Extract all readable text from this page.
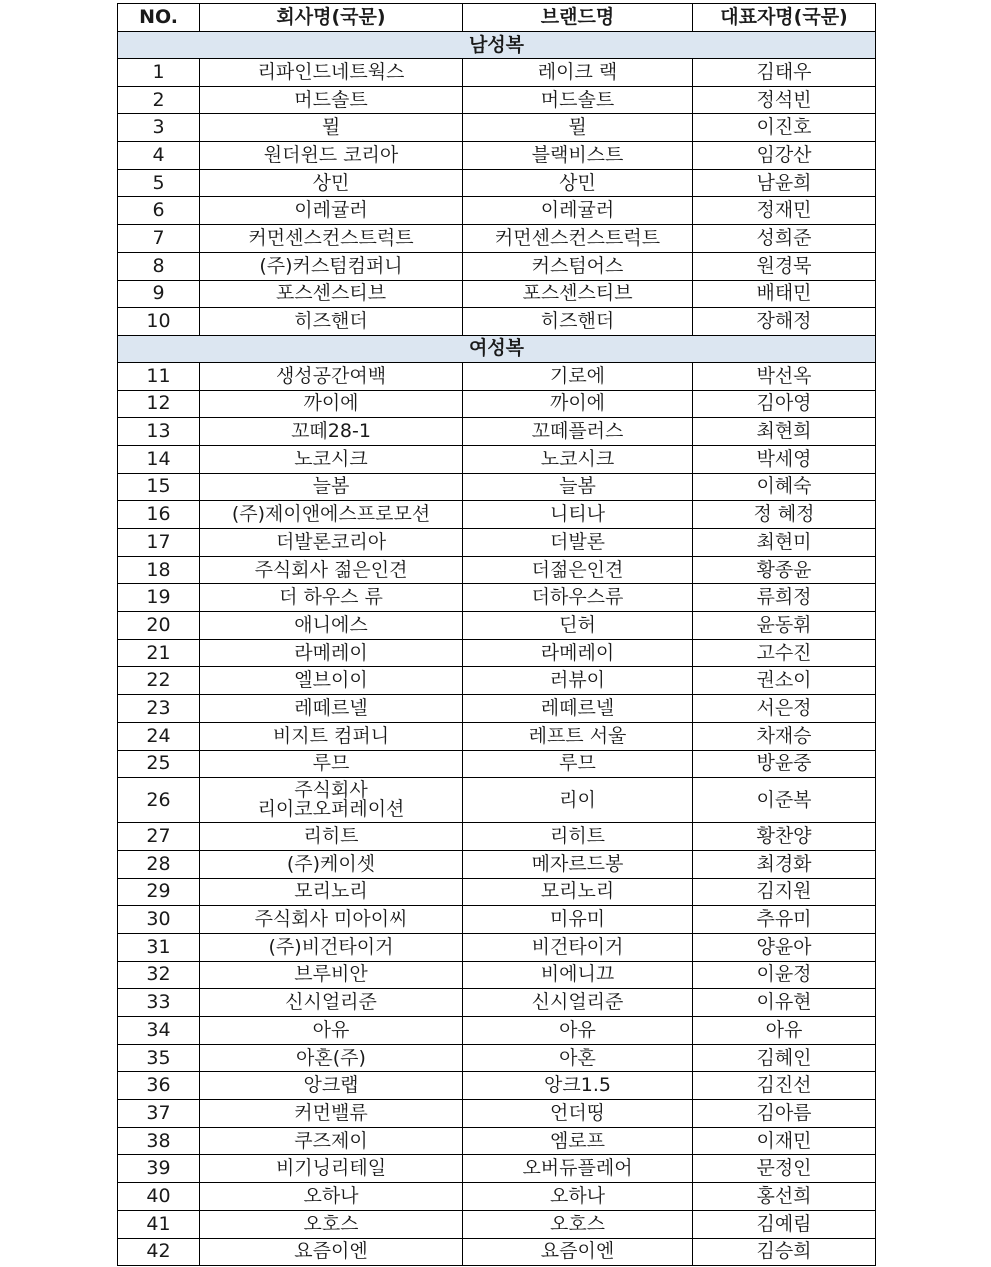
NO.	회사명(국문)	브랜드명	대표자명(국문)
남성복			
1	리파인드네트웍스	레이크 랙	김태우
2	머드솔트	머드솔트	정석빈
3	뮐	뮐	이진호
4	원더윈드 코리아	블랙비스트	임강산
5	상민	상민	남윤희
6	이레귤러	이레귤러	정재민
7	커먼센스컨스트럭트	커먼센스컨스트럭트	성희준
8	(주)커스텀컴퍼니	커스텀어스	원경묵
9	포스센스티브	포스센스티브	배태민
10	히즈핸더	히즈핸더	장해정
여성복			
11	생성공간여백	기로에	박선옥
12	까이에	까이에	김아영
13	꼬떼28-1	꼬떼플러스	최현희
14	노코시크	노코시크	박세영
15	늘봄	늘봄	이혜숙
16	(주)제이앤에스프로모션	니티나	정 혜정
17	더발론코리아	더발론	최현미
18	주식회사 젊은인견	더젊은인견	황종윤
19	더 하우스 류	더하우스류	류희정
20	애니에스	딘허	윤동휘
21	라메레이	라메레이	고수진
22	엘브이이	러뷰이	권소이
23	레떼르넬	레떼르넬	서은정
24	비지트 컴퍼니	레프트 서울	차재승
25	루므	루므	방윤중
26	주식회사
리이코오퍼레이션	리이	이준복
27	리히트	리히트	황찬양
28	(주)케이셋	메자르드봉	최경화
29	모리노리	모리노리	김지원
30	주식회사 미아이씨	미유미	추유미
31	(주)비건타이거	비건타이거	양윤아
32	브루비안	비에니끄	이윤정
33	신시얼리준	신시얼리준	이유현
34	아유	아유	아유
35	아혼(주)	아혼	김혜인
36	앙크랩	앙크1.5	김진선
37	커먼밸류	언더띵	김아름
38	쿠즈제이	엠로프	이재민
39	비기닝리테일	오버듀플레어	문정인
40	오하나	오하나	홍선희
41	오호스	오호스	김예림
42	요즘이엔	요즘이엔	김승희
